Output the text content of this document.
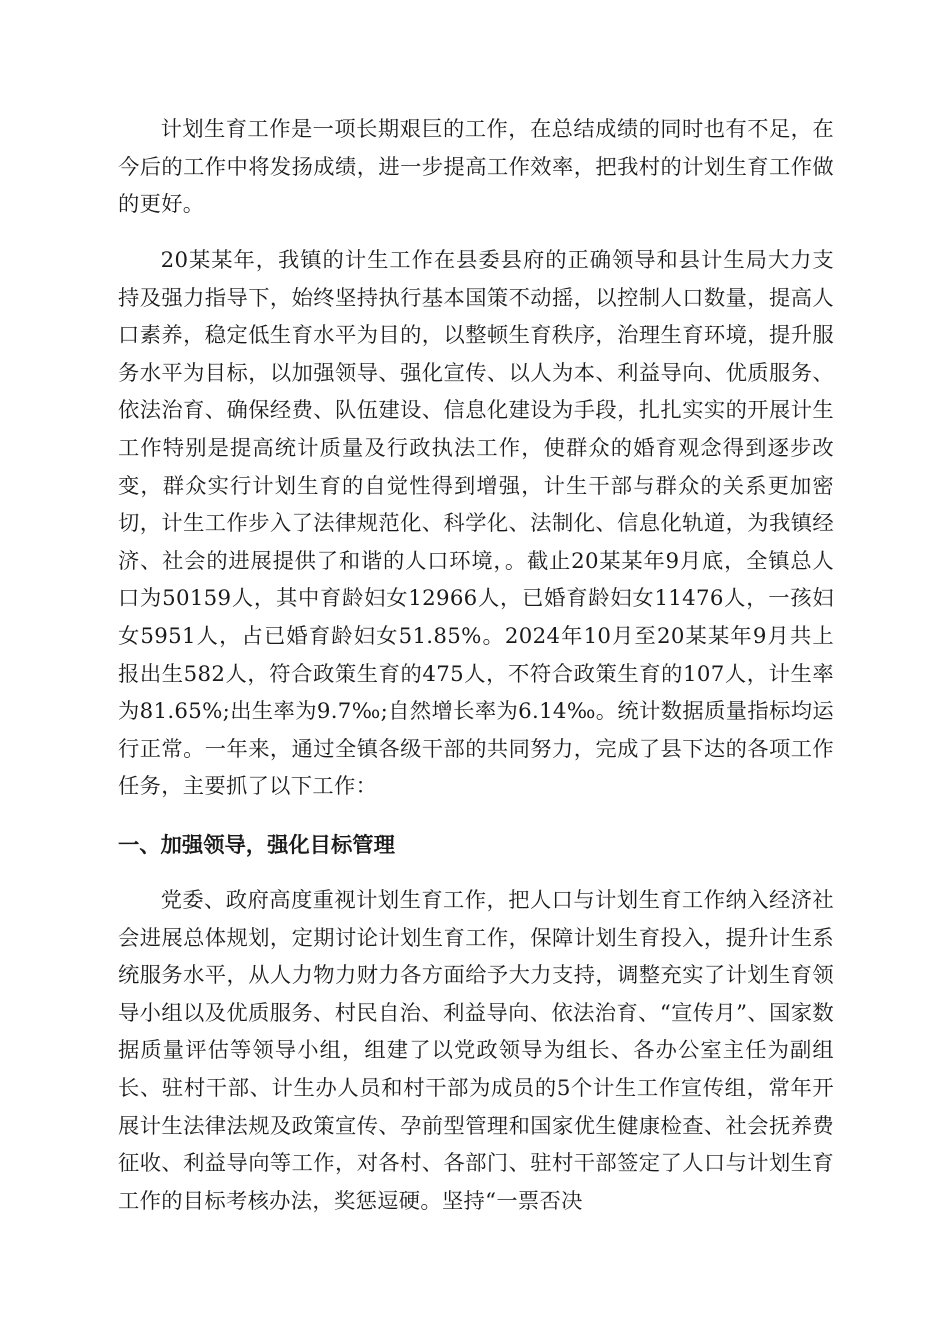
计划生育工作是一项长期艰巨的工作，在总结成绩的同时也有不足，在今后的工作中将发扬成绩，进一步提高工作效率，把我村的计划生育工作做的更好。

20某某年，我镇的计生工作在县委县府的正确领导和县计生局大力支持及强力指导下，始终坚持执行基本国策不动摇，以控制人口数量，提高人口素养，稳定低生育水平为目的，以整顿生育秩序，治理生育环境，提升服务水平为目标，以加强领导、强化宣传、以人为本、利益导向、优质服务、依法治育、确保经费、队伍建设、信息化建设为手段，扎扎实实的开展计生工作特别是提高统计质量及行政执法工作，使群众的婚育观念得到逐步改变，群众实行计划生育的自觉性得到增强，计生干部与群众的关系更加密切，计生工作步入了法律规范化、科学化、法制化、信息化轨道，为我镇经济、社会的进展提供了和谐的人口环境，。截止20某某年9月底，全镇总人口为50159人，其中育龄妇女12966人，已婚育龄妇女11476人，一孩妇女5951人，占已婚育龄妇女51.85%。2024年10月至20某某年9月共上报出生582人，符合政策生育的475人，不符合政策生育的107人，计生率为81.65%;出生率为9.7‰;自然增长率为6.14‰。统计数据质量指标均运行正常。一年来，通过全镇各级干部的共同努力，完成了县下达的各项工作任务，主要抓了以下工作：

一、加强领导，强化目标管理

党委、政府高度重视计划生育工作，把人口与计划生育工作纳入经济社会进展总体规划，定期讨论计划生育工作，保障计划生育投入，提升计生系统服务水平，从人力物力财力各方面给予大力支持，调整充实了计划生育领导小组以及优质服务、村民自治、利益导向、依法治育、“宣传月”、国家数据质量评估等领导小组，组建了以党政领导为组长、各办公室主任为副组长、驻村干部、计生办人员和村干部为成员的5个计生工作宣传组，常年开展计生法律法规及政策宣传、孕前型管理和国家优生健康检查、社会抚养费征收、利益导向等工作，对各村、各部门、驻村干部签定了人口与计划生育工作的目标考核办法，奖惩逗硬。坚持“一票否决
